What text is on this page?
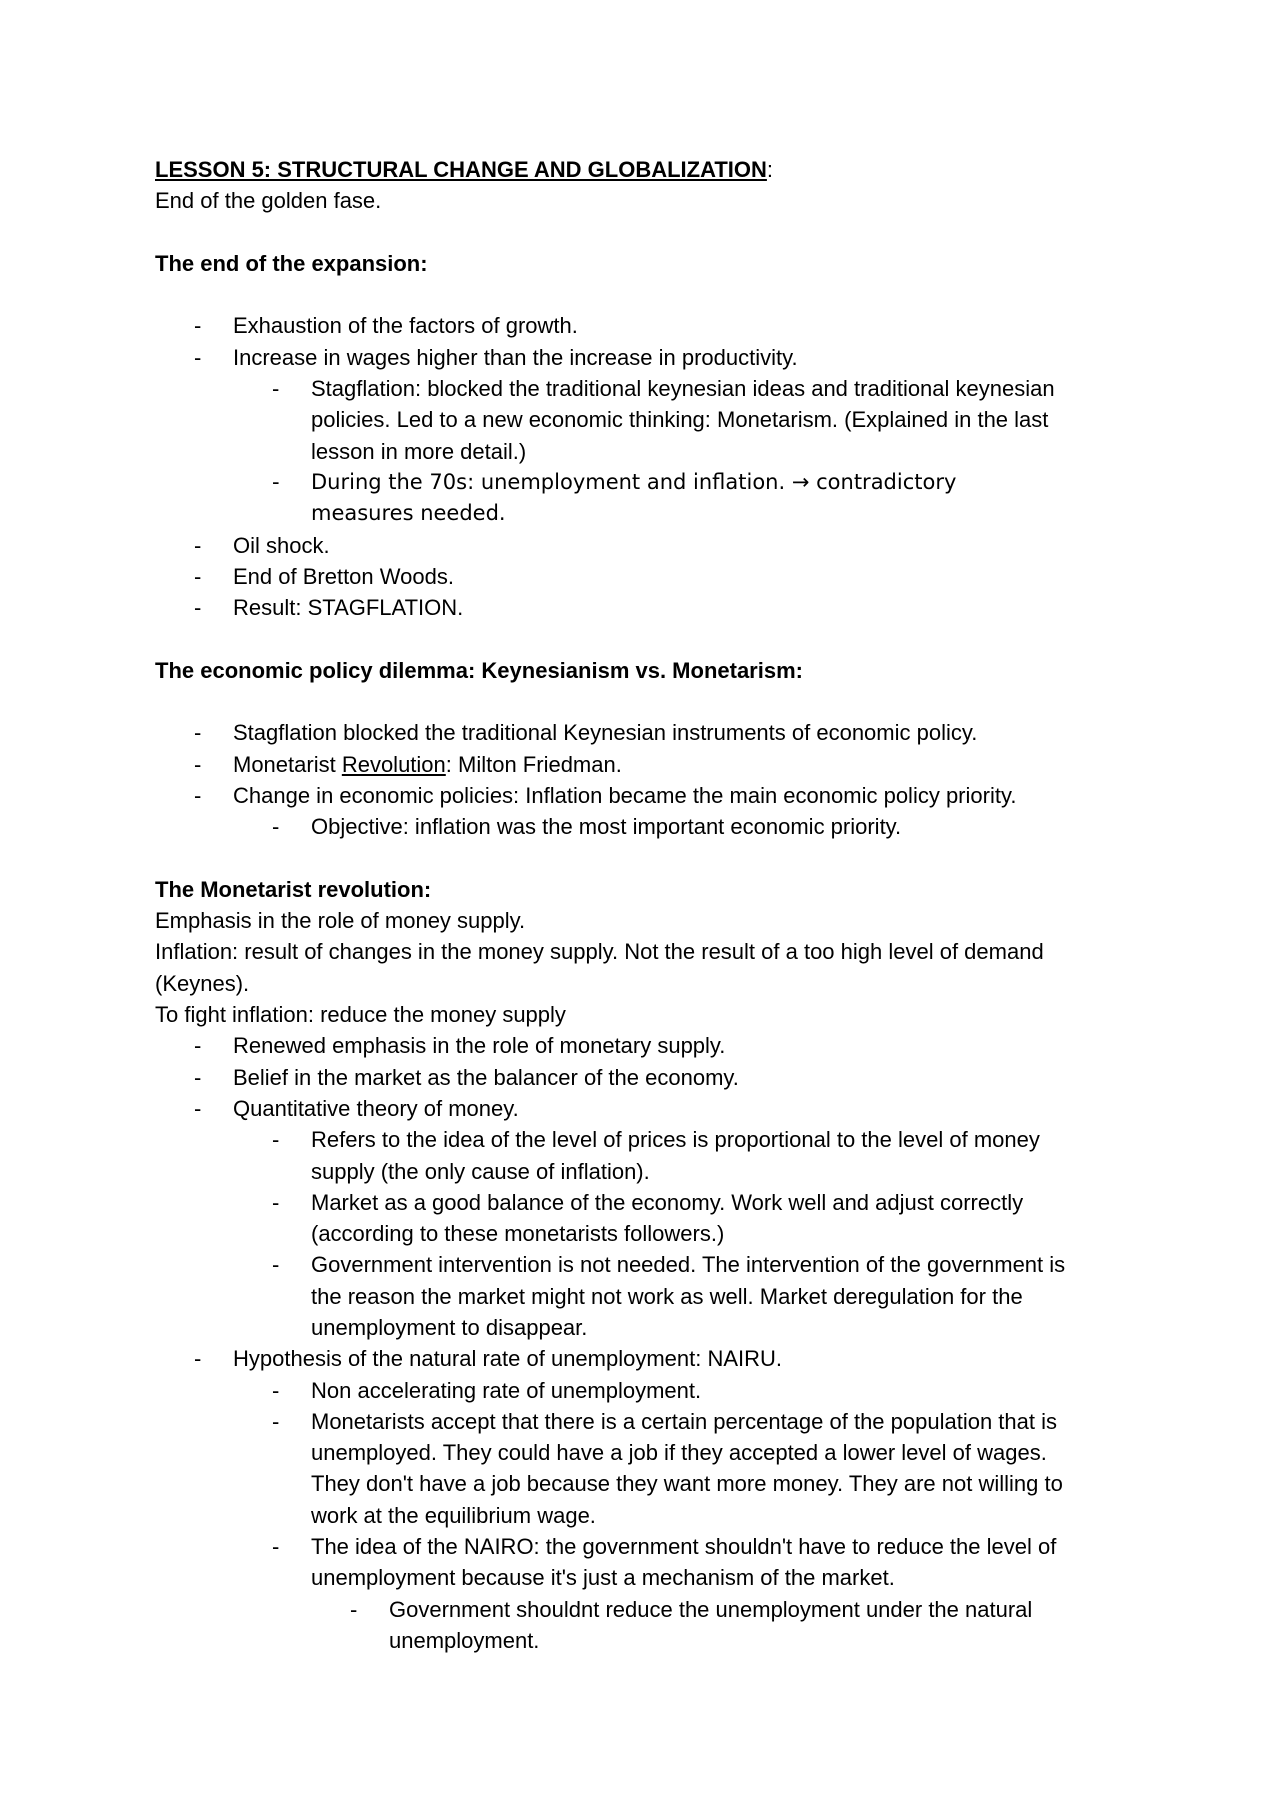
LESSON 5: STRUCTURAL CHANGE AND GLOBALIZATION:
End of the golden fase.
The end of the expansion:
- Exhaustion of the factors of growth.
- Increase in wages higher than the increase in productivity.
- Stagflation: blocked the traditional keynesian ideas and traditional keynesian
policies. Led to a new economic thinking: Monetarism. (Explained in the last
lesson in more detail.)
- During the 70s: unemployment and inflation. → contradictory
measures needed.
- Oil shock.
- End of Bretton Woods.
- Result: STAGFLATION.
The economic policy dilemma: Keynesianism vs. Monetarism:
- Stagflation blocked the traditional Keynesian instruments of economic policy.
- Monetarist Revolution: Milton Friedman.
- Change in economic policies: Inflation became the main economic policy priority.
- Objective: inflation was the most important economic priority.
The Monetarist revolution:
Emphasis in the role of money supply.
Inflation: result of changes in the money supply. Not the result of a too high level of demand
(Keynes).
To fight inflation: reduce the money supply
- Renewed emphasis in the role of monetary supply.
- Belief in the market as the balancer of the economy.
- Quantitative theory of money.
- Refers to the idea of the level of prices is proportional to the level of money
supply (the only cause of inflation).
- Market as a good balance of the economy. Work well and adjust correctly
(according to these monetarists followers.)
- Government intervention is not needed. The intervention of the government is
the reason the market might not work as well. Market deregulation for the
unemployment to disappear.
- Hypothesis of the natural rate of unemployment: NAIRU.
- Non accelerating rate of unemployment.
- Monetarists accept that there is a certain percentage of the population that is
unemployed. They could have a job if they accepted a lower level of wages.
They don't have a job because they want more money. They are not willing to
work at the equilibrium wage.
- The idea of the NAIRO: the government shouldn't have to reduce the level of
unemployment because it's just a mechanism of the market.
- Government shouldnt reduce the unemployment under the natural
unemployment.
